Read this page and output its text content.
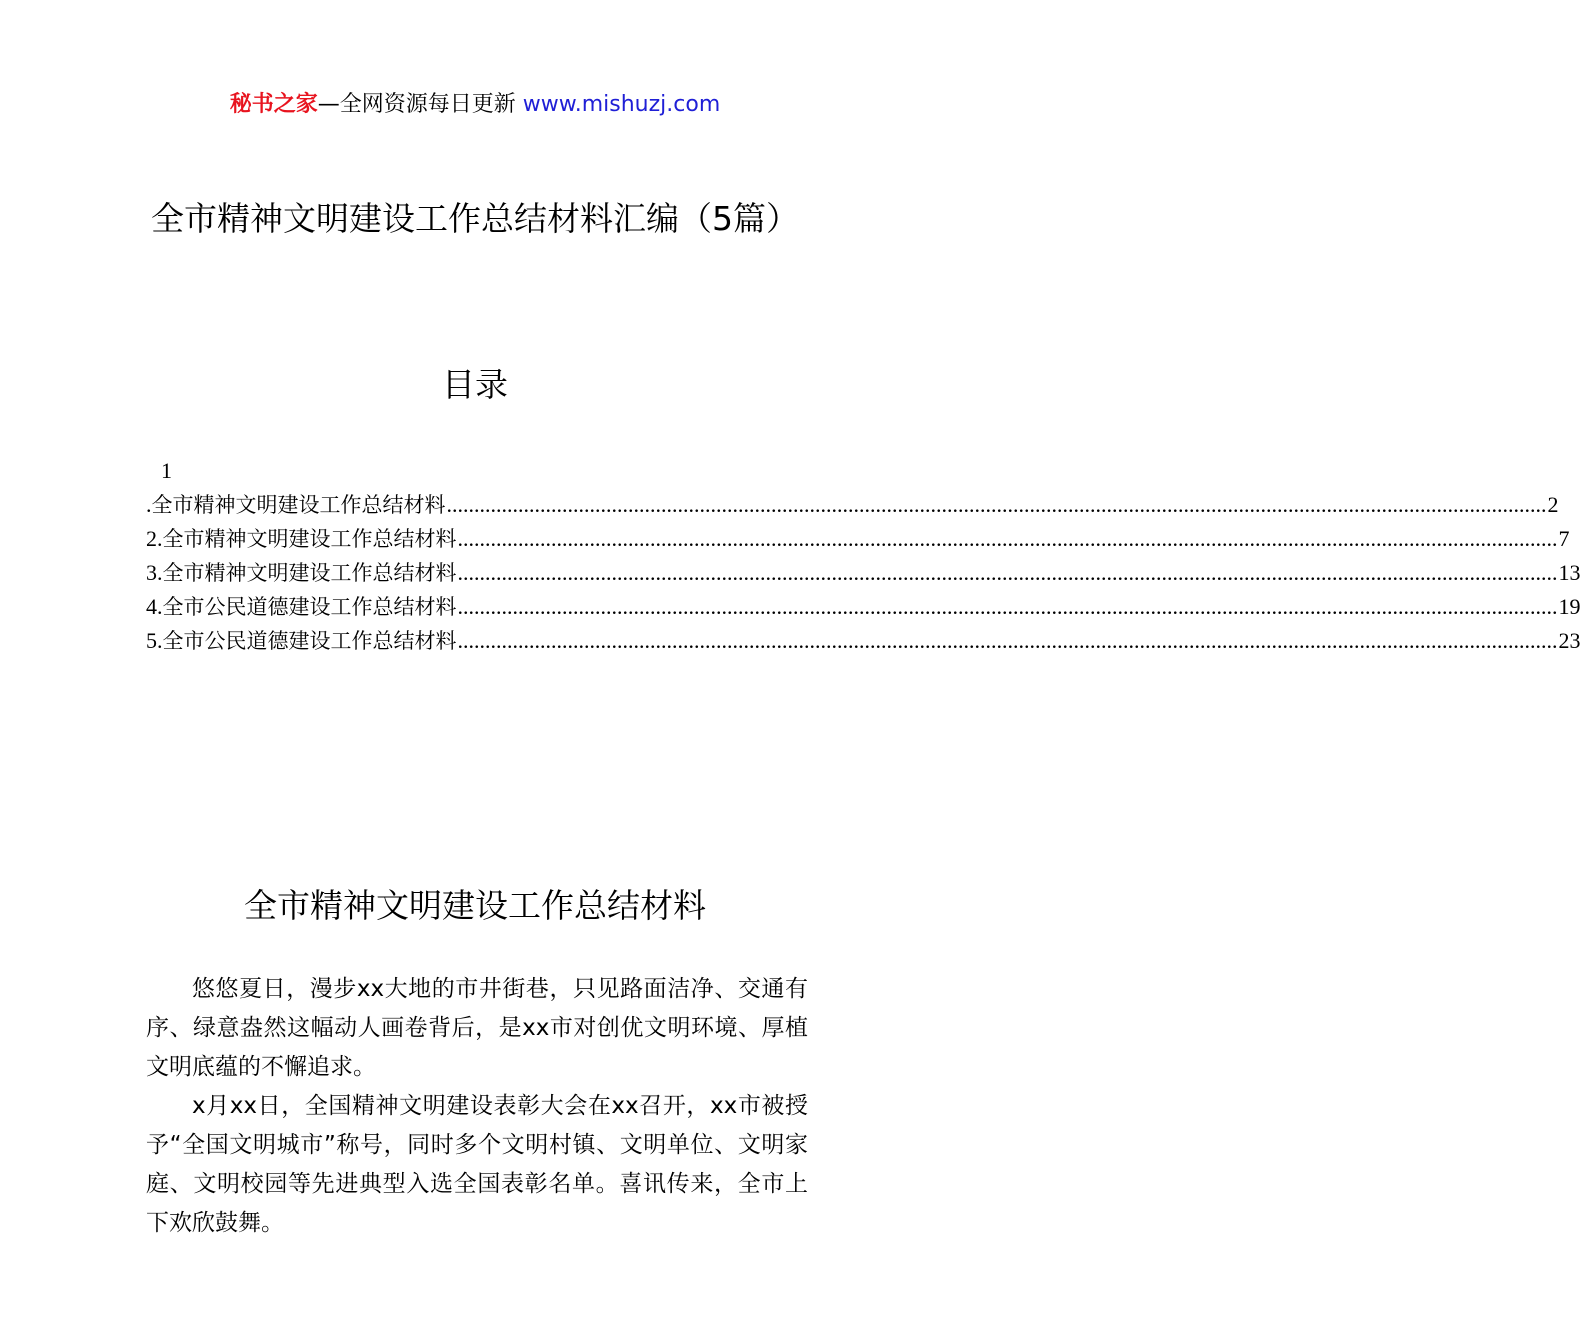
秘书之家—全网资源每日更新 www.mishuzj.com
全市精神文明建设工作总结材料汇编（5篇）
目录
1
.全市精神文明建设工作总结材料 ........................................................................................................................................................................................................ 2
2.全市精神文明建设工作总结材料 ........................................................................................................................................................................................................ 7
3.全市精神文明建设工作总结材料 ........................................................................................................................................................................................................ 13
4.全市公民道德建设工作总结材料 ........................................................................................................................................................................................................ 19
5.全市公民道德建设工作总结材料 ........................................................................................................................................................................................................ 23
全市精神文明建设工作总结材料

悠悠夏日，漫步xx大地的市井街巷，只见路面洁净、交通有序、绿意盎然这幅动人画卷背后，是xx市对创优文明环境、厚植文明底蕴的不懈追求。

x月xx日，全国精神文明建设表彰大会在xx召开，xx市被授予“全国文明城市”称号，同时多个文明村镇、文明单位、文明家庭、文明校园等先进典型入选全国表彰名单。喜讯传来，全市上下欢欣鼓舞。
